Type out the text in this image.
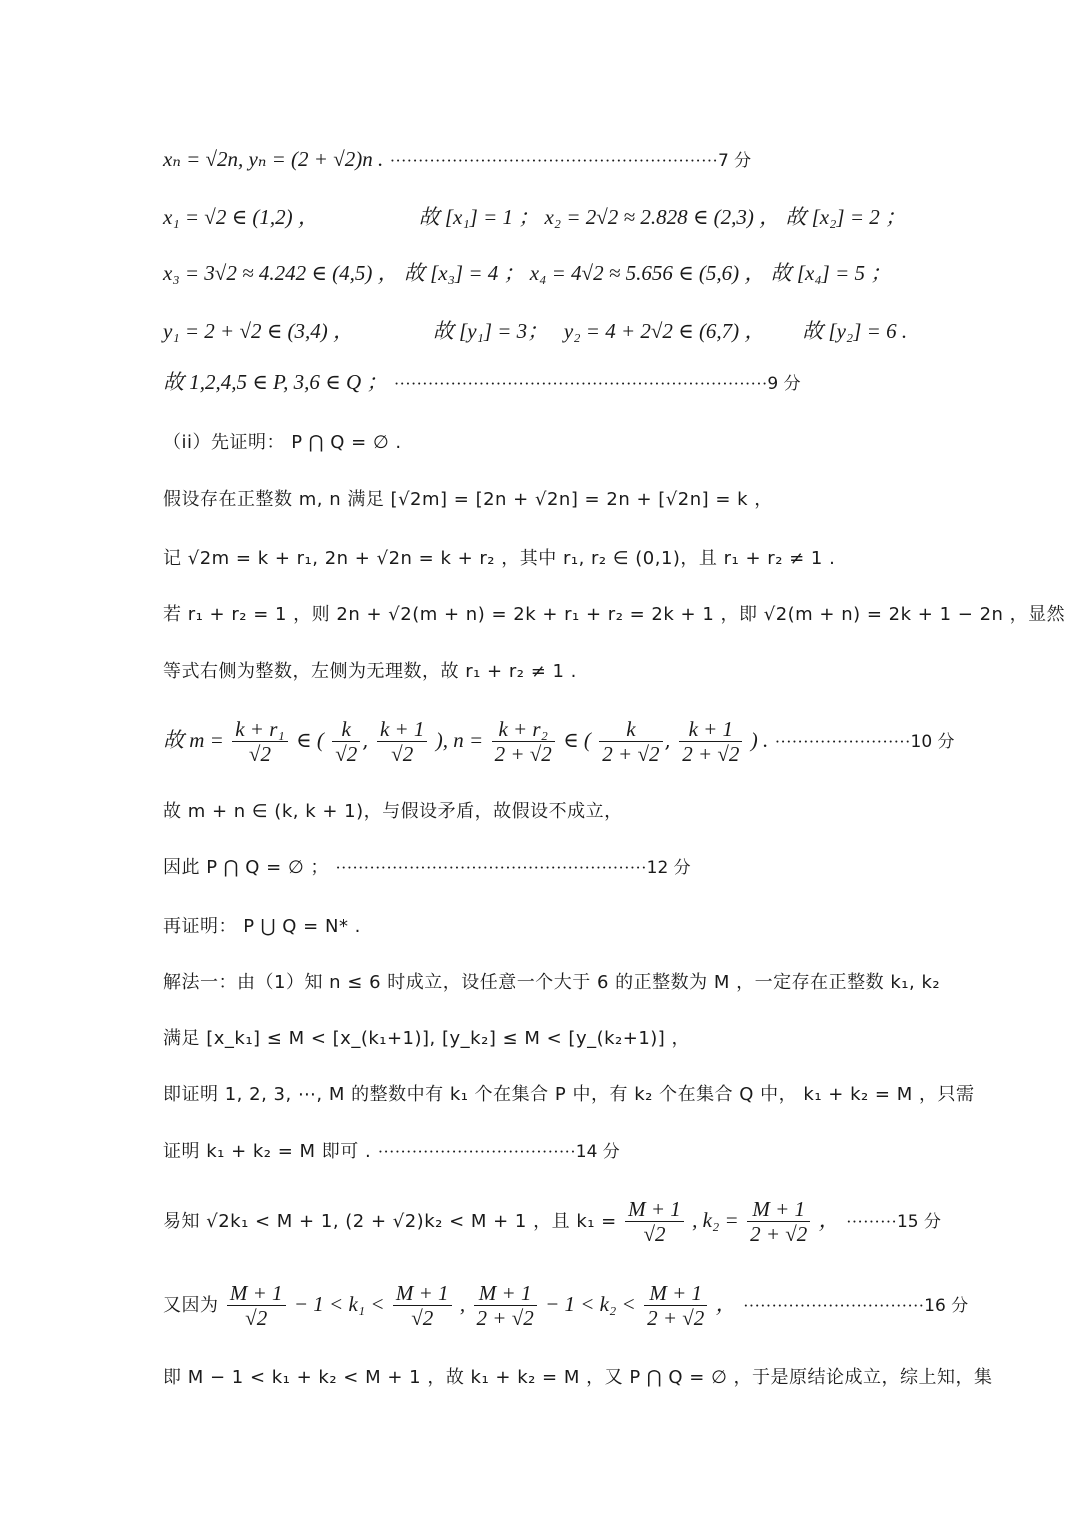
xₙ = √2n, yₙ = (2 + √2)n . ··························································7 分
x₁ = √2 ∈ (1,2) ，　　　　　 故 [x₁] = 1 ； x₂ = 2√2 ≈ 2.828 ∈ (2,3) ， 故 [x₂] = 2 ；
x₃ = 3√2 ≈ 4.242 ∈ (4,5) ， 故 [x₃] = 4 ； x₄ = 4√2 ≈ 5.656 ∈ (5,6) ， 故 [x₄] = 5 ；
y₁ = 2 + √2 ∈ (3,4) ，　　　　 故 [y₁] = 3；　 y₂ = 4 + 2√2 ∈ (6,7) ，　　 故 [y₂] = 6 .
故 1,2,4,5 ∈ P, 3,6 ∈ Q ； ··································································9 分
（ii）先证明： P ⋂ Q = ∅ .
假设存在正整数 m, n 满足 [√2m] = [2n + √2n] = 2n + [√2n] = k ，
记 √2m = k + r₁, 2n + √2n = k + r₂ ，其中 r₁, r₂ ∈ (0,1)，且 r₁ + r₂ ≠ 1 .
若 r₁ + r₂ = 1 ，则 2n + √2(m + n) = 2k + r₁ + r₂ = 2k + 1 ，即 √2(m + n) = 2k + 1 − 2n ，显然
等式右侧为整数，左侧为无理数，故 r₁ + r₂ ≠ 1 .
故 $m = \frac{\text{k + r₁}}{√2}$ ∈ ( $\frac{k}{√2}$ , $\frac{k + 1}{√2}$ ), $n = \frac{\text{k + r₂}}{2 + √2}$ ∈ ( $\frac{k}{2 + √2}$ , $\frac{k + 1}{2 + √2}$ ) . ························10 分
故 m + n ∈ (k, k + 1)，与假设矛盾，故假设不成立，
因此 P ⋂ Q = ∅ ； ·······················································12 分
再证明： P ⋃ Q = N* .
解法一：由（1）知 n ≤ 6 时成立，设任意一个大于 6 的正整数为 M ，一定存在正整数 k₁, k₂
满足 [x_k₁] ≤ M < [x_(k₁+1)], [y_k₂] ≤ M < [y_(k₂+1)] ，
即证明 1, 2, 3, ⋯, M 的整数中有 k₁ 个在集合 P 中，有 k₂ 个在集合 Q 中， k₁ + k₂ = M ，只需
证明 k₁ + k₂ = M 即可 . ···································14 分
易知 √2k₁ < M + 1, (2 + √2)k₂ < M + 1 ，且 $k_1 = \frac{M + 1}{√2}$ , $k_2 = \frac{M + 1}{2 + √2}$ ， ·········15 分
又因为 $\frac{M + 1}{√2} - 1 < k_1 < \frac{M + 1}{√2}$ , $\frac{M + 1}{2 + √2} - 1 < k_2 < \frac{M + 1}{2 + √2}$ ， ································16 分
即 M − 1 < k₁ + k₂ < M + 1 ，故 k₁ + k₂ = M ，又 P ⋂ Q = ∅ ，于是原结论成立，综上知，集
